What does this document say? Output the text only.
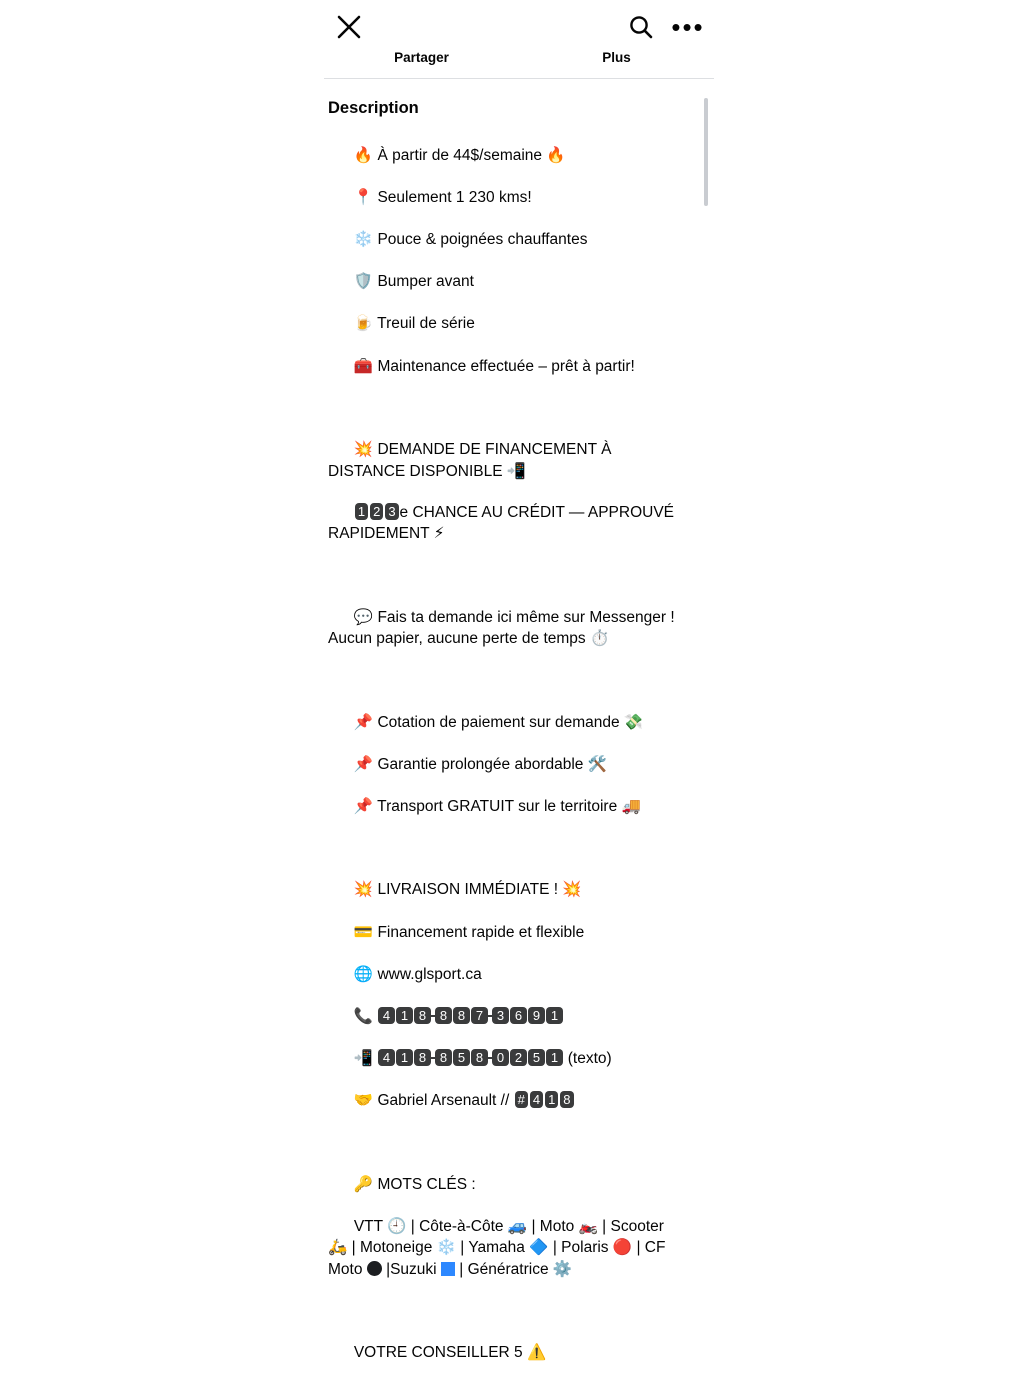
•••
Partager	Plus
Description

🔥 À partir de 44$/semaine 🔥

📍 Seulement 1 230 kms!

❄️ Pouce & poignées chauffantes

🛡️ Bumper avant

🍺 Treuil de série

🧰 Maintenance effectuée – prêt à partir!

💥 DEMANDE DE FINANCEMENT À DISTANCE DISPONIBLE 📲

1 2 3 e CHANCE AU CRÉDIT — APPROUVÉ RAPIDEMENT ⚡

💬 Fais ta demande ici même sur Messenger ! Aucun papier, aucune perte de temps ⏱️

📌 Cotation de paiement sur demande 💸

📌 Garantie prolongée abordable 🛠️

📌 Transport GRATUIT sur le territoire 🚚

💥 LIVRAISON IMMÉDIATE ! 💥

💳 Financement rapide et flexible

🌐 www.glsport.ca

📞 4 1 8 8 8 7 3 6 9 1

📲 4 1 8 8 5 8 0 2 5 1 (texto)

🤝 Gabriel Arsenault // # 4 1 8

🔑 MOTS CLÉS :

VTT 🕘 | Côte-à-Côte 🚙 | Moto 🏍️ | Scooter 🛵 | Motoneige ❄️ | Yamaha 🔷 | Polaris 🔴 | CF Moto  |Suzuki  | Génératrice ⚙️

VOTRE CONSEILLER 5 ⚠️
